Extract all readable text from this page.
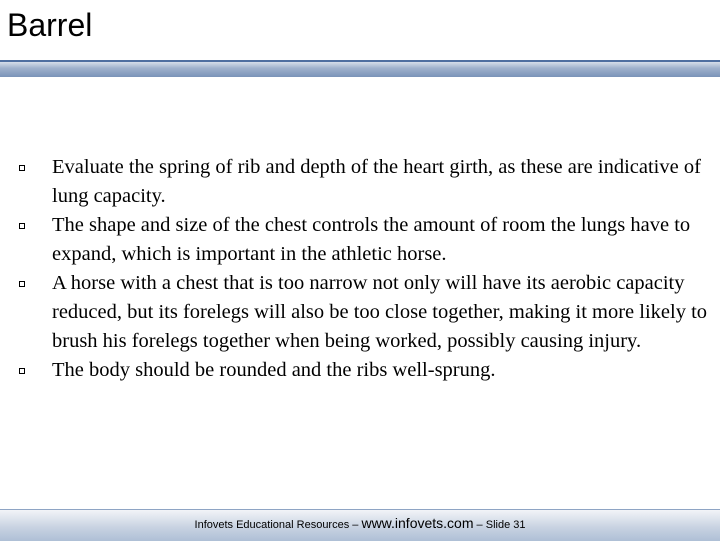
Barrel
Evaluate the spring of rib and depth of the heart girth, as these are indicative of lung capacity.
The shape and size of the chest controls the amount of room the lungs have to expand, which is important in the athletic horse.
A horse with a chest that is too narrow not only will have its aerobic capacity reduced, but its forelegs will also be too close together, making it more likely to brush his forelegs together when being worked, possibly causing injury.
The body should be rounded and the ribs well-sprung.
Infovets Educational Resources – www.infovets.com – Slide 31
